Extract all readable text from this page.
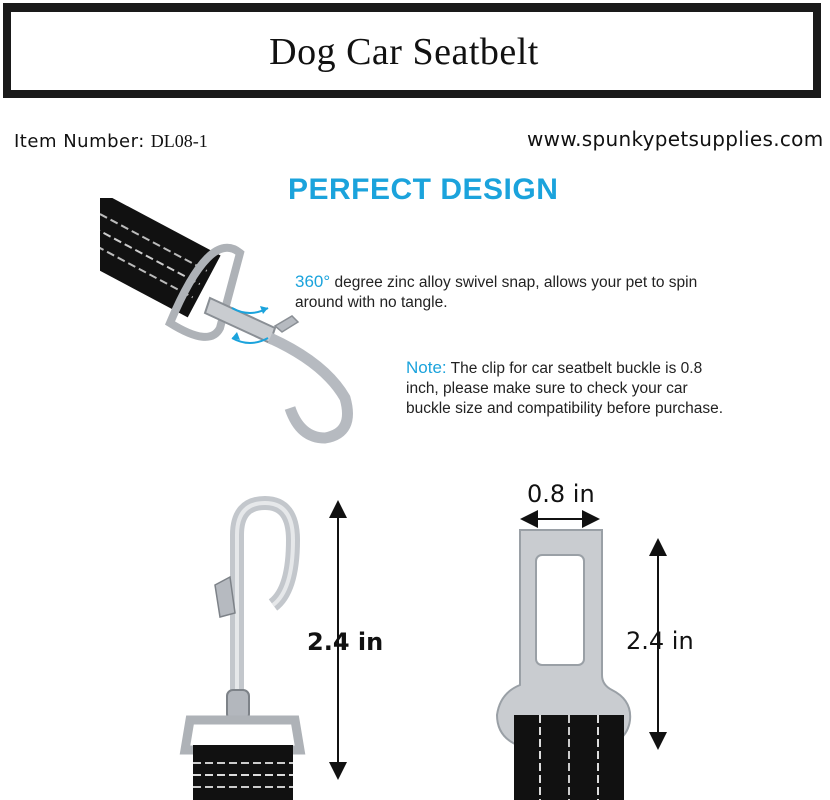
Dog Car Seatbelt
Item Number: DL08-1	www.spunkypetsupplies.com
PERFECT DESIGN
360° degree zinc alloy swivel snap, allows your pet to spin around with no tangle.
Note: The clip for car seatbelt buckle is 0.8 inch, please make sure to check your car buckle size and compatibility before purchase.
2.4 in
0.8 in
2.4 in
